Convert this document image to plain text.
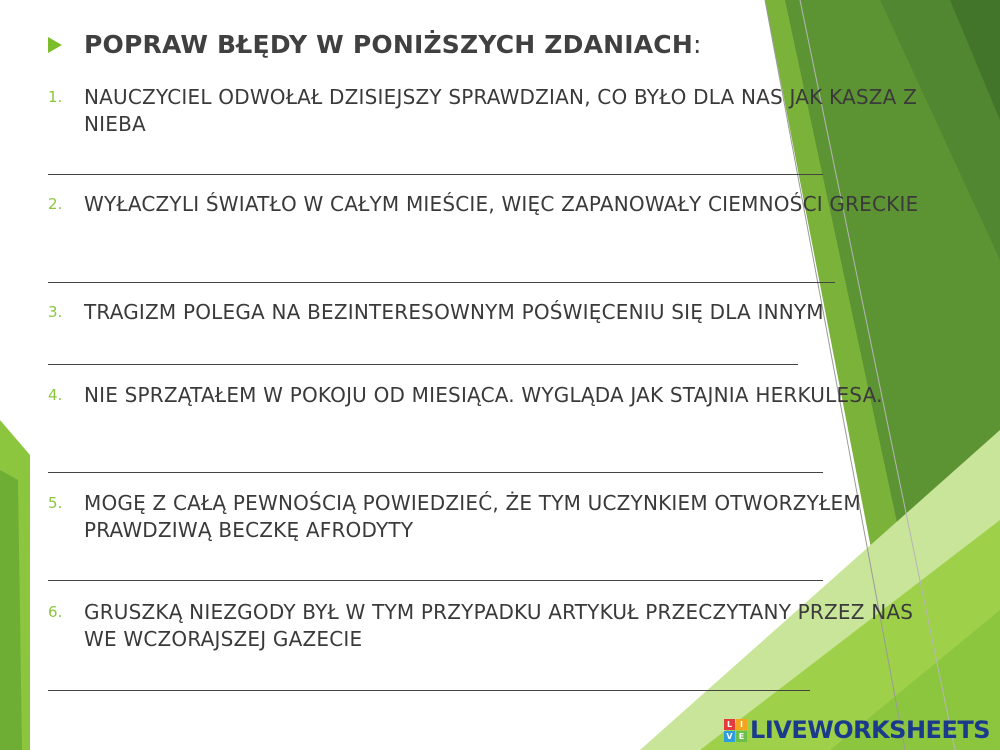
POPRAW BŁĘDY W PONIŻSZYCH ZDANIACH :
1.	NAUCZYCIEL ODWOŁAŁ DZISIEJSZY SPRAWDZIAN, CO BYŁO DLA NAS JAK KASZA Z NIEBA
2.	WYŁACZYLI ŚWIATŁO W CAŁYM MIEŚCIE, WIĘC ZAPANOWAŁY CIEMNOŚCI GRECKIE
3.	TRAGIZM POLEGA NA BEZINTERESOWNYM POŚWIĘCENIU SIĘ DLA INNYM
4.	NIE SPRZĄTAŁEM W POKOJU OD MIESIĄCA. WYGLĄDA JAK STAJNIA HERKULESA.
5.	MOGĘ Z CAŁĄ PEWNOŚCIĄ POWIEDZIEĆ, ŻE TYM UCZYNKIEM OTWORZYŁEM PRAWDZIWĄ BECZKĘ AFRODYTY
6.	GRUSZKĄ NIEZGODY BYŁ W TYM PRZYPADKU ARTYKUŁ PRZECZYTANY PRZEZ NAS WE WCZORAJSZEJ GAZECIE
L I
V E LIVEWORKSHEETS
